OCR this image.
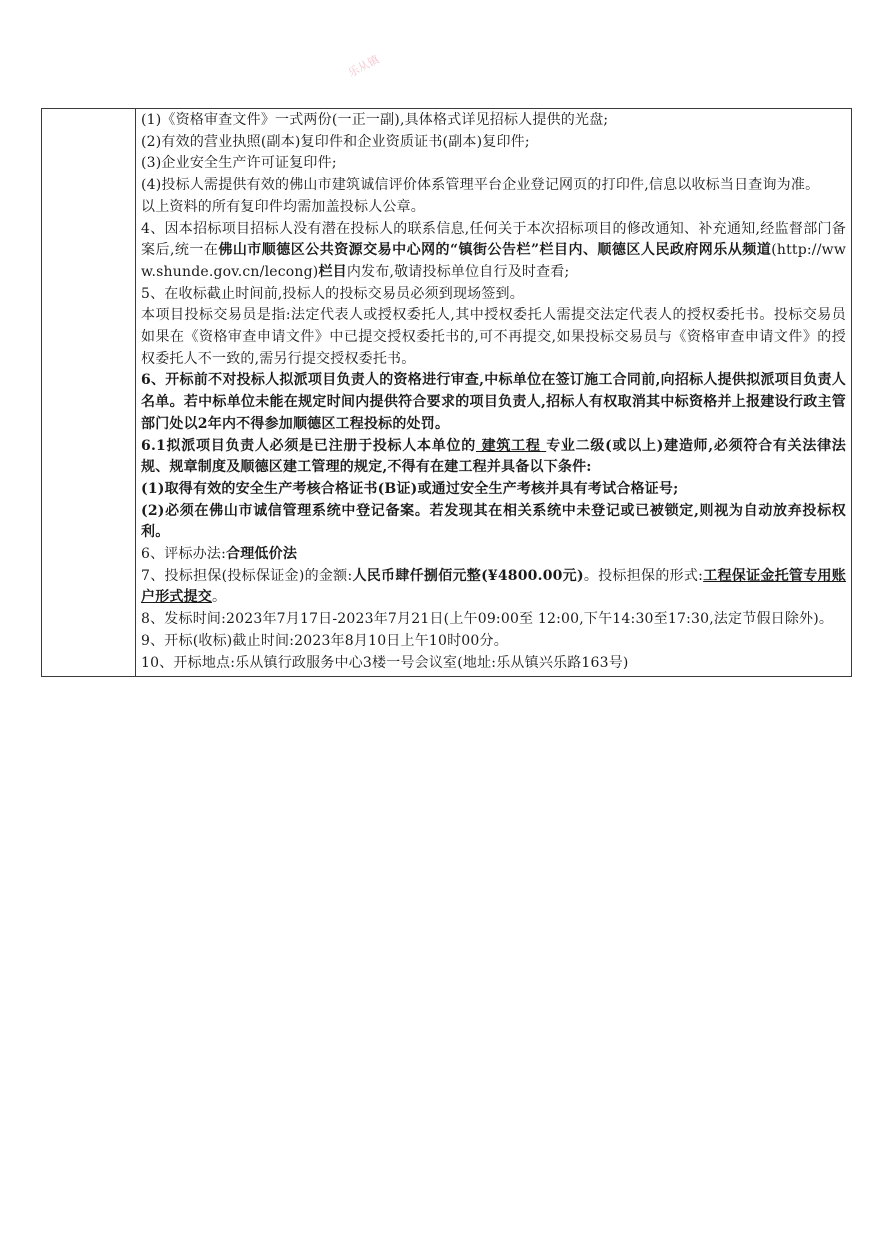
乐从镇

(1)《资格审查文件》一式两份(一正一副),具体格式详见招标人提供的光盘;

(2)有效的营业执照(副本)复印件和企业资质证书(副本)复印件;

(3)企业安全生产许可证复印件;

(4)投标人需提供有效的佛山市建筑诚信评价体系管理平台企业登记网页的打印件,信息以收标当日查询为准。

以上资料的所有复印件均需加盖投标人公章。

4、因本招标项目招标人没有潜在投标人的联系信息,任何关于本次招标项目的修改通知、补充通知,经监督部门备案后,统一在佛山市顺德区公共资源交易中心网的“镇街公告栏”栏目内、顺德区人民政府网乐从频道(http://www.shunde.gov.cn/lecong)栏目内发布,敬请投标单位自行及时查看;

5、在收标截止时间前,投标人的投标交易员必须到现场签到。

本项目投标交易员是指:法定代表人或授权委托人,其中授权委托人需提交法定代表人的授权委托书。投标交易员如果在《资格审查申请文件》中已提交授权委托书的,可不再提交,如果投标交易员与《资格审查申请文件》的授权委托人不一致的,需另行提交授权委托书。

6、开标前不对投标人拟派项目负责人的资格进行审查,中标单位在签订施工合同前,向招标人提供拟派项目负责人名单。若中标单位未能在规定时间内提供符合要求的项目负责人,招标人有权取消其中标资格并上报建设行政主管部门处以2年内不得参加顺德区工程投标的处罚。

6.1拟派项目负责人必须是已注册于投标人本单位的 建筑工程 专业二级(或以上)建造师,必须符合有关法律法规、规章制度及顺德区建工管理的规定,不得有在建工程并具备以下条件:

(1)取得有效的安全生产考核合格证书(B证)或通过安全生产考核并具有考试合格证号;

(2)必须在佛山市诚信管理系统中登记备案。若发现其在相关系统中未登记或已被锁定,则视为自动放弃投标权利。

6、评标办法:合理低价法

7、投标担保(投标保证金)的金额:人民币肆仟捌佰元整(¥4800.00元)。投标担保的形式:工程保证金托管专用账户形式提交。

8、发标时间:2023年7月17日-2023年7月21日(上午09:00至 12:00,下午14:30至17:30,法定节假日除外)。

9、开标(收标)截止时间:2023年8月10日上午10时00分。

10、开标地点:乐从镇行政服务中心3楼一号会议室(地址:乐从镇兴乐路163号)
